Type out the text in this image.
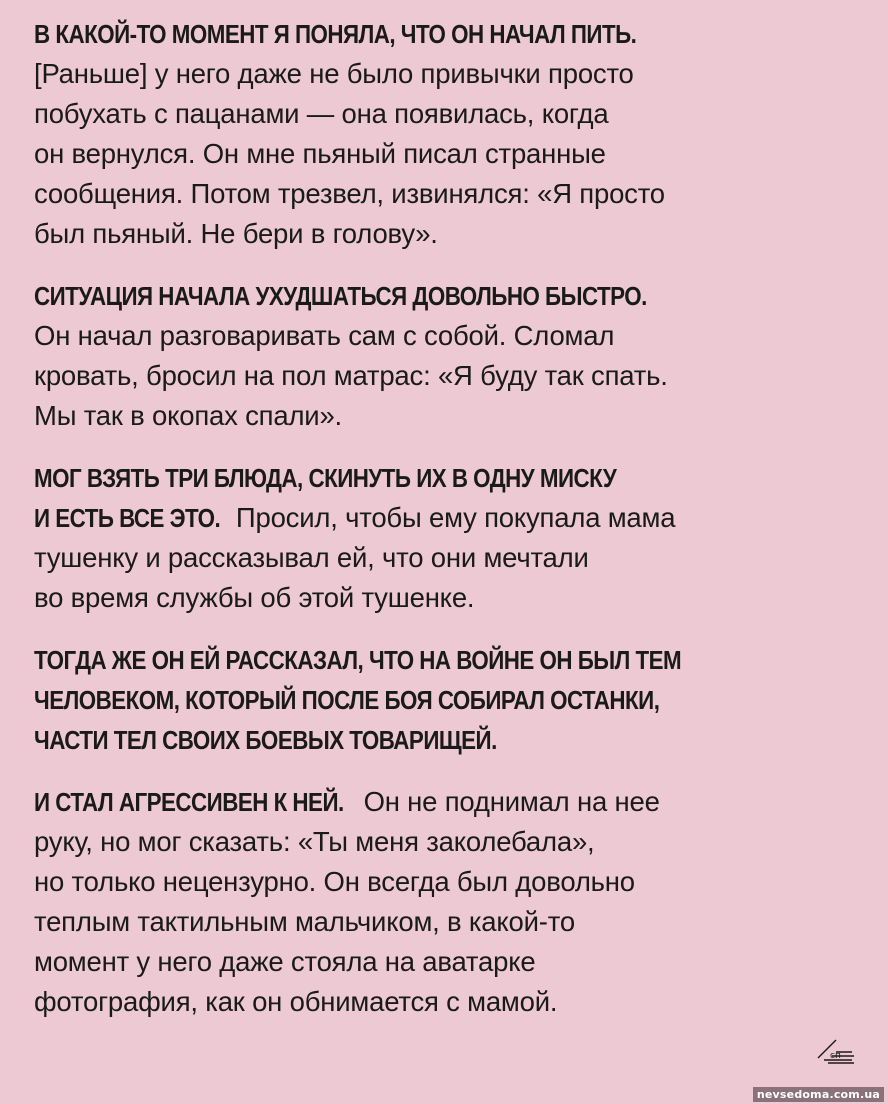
В КАКОЙ-ТО МОМЕНТ Я ПОНЯЛА, ЧТО ОН НАЧАЛ ПИТЬ.
[Раньше] у него даже не было привычки просто
побухать с пацанами — она появилась, когда
он вернулся. Он мне пьяный писал странные
сообщения. Потом трезвел, извинялся: «Я просто
был пьяный. Не бери в голову».
СИТУАЦИЯ НАЧАЛА УХУДШАТЬСЯ ДОВОЛЬНО БЫСТРО.
Он начал разговаривать сам с собой. Сломал
кровать, бросил на пол матрас: «Я буду так спать.
Мы так в окопах спали».
МОГ ВЗЯТЬ ТРИ БЛЮДА, СКИНУТЬ ИХ В ОДНУ МИСКУ
И ЕСТЬ ВСЕ ЭТО. Просил, чтобы ему покупала мама
тушенку и рассказывал ей, что они мечтали
во время службы об этой тушенке.
ТОГДА ЖЕ ОН ЕЙ РАССКАЗАЛ, ЧТО НА ВОЙНЕ ОН БЫЛ ТЕМ
ЧЕЛОВЕКОМ, КОТОРЫЙ ПОСЛЕ БОЯ СОБИРАЛ ОСТАНКИ,
ЧАСТИ ТЕЛ СВОИХ БОЕВЫХ ТОВАРИЩЕЙ.
И СТАЛ АГРЕССИВЕН К НЕЙ. Он не поднимал на нее
руку, но мог сказать: «Ты меня заколебала»,
но только нецензурно. Он всегда был довольно
теплым тактильным мальчиком, в какой-то
момент у него даже стояла на аватарке
фотография, как он обнимается с мамой.
сп
nevsedoma.com.ua
